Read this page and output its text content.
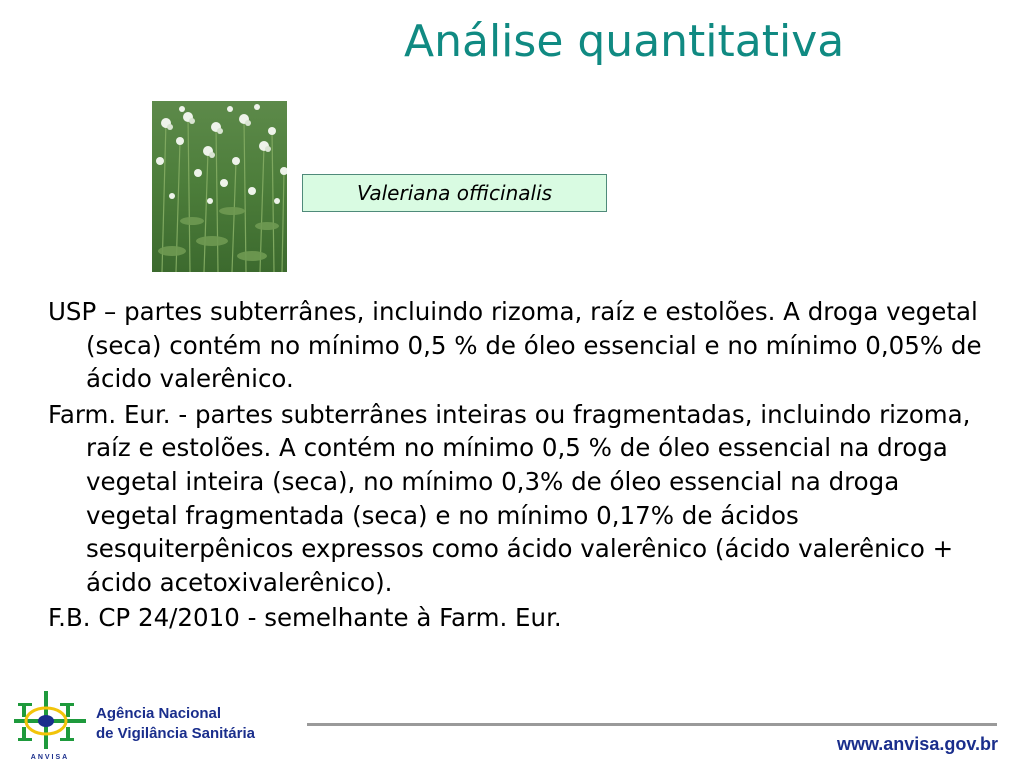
Análise quantitativa
Valeriana officinalis

USP – partes subterrânes, incluindo rizoma, raíz e estolões. A droga vegetal (seca) contém no mínimo 0,5 % de óleo essencial e no mínimo 0,05% de ácido valerênico.

Farm. Eur. - partes subterrânes inteiras ou fragmentadas, incluindo rizoma, raíz e estolões. A contém no mínimo 0,5 % de óleo essencial na droga vegetal inteira (seca), no mínimo 0,3% de óleo essencial na droga vegetal fragmentada (seca) e no mínimo 0,17% de ácidos sesquiterpênicos expressos como ácido valerênico (ácido valerênico + ácido acetoxivalerênico).

F.B. CP 24/2010 - semelhante à Farm. Eur.

ANVISA
Agência Nacional
de Vigilância Sanitária
www.anvisa.gov.br
